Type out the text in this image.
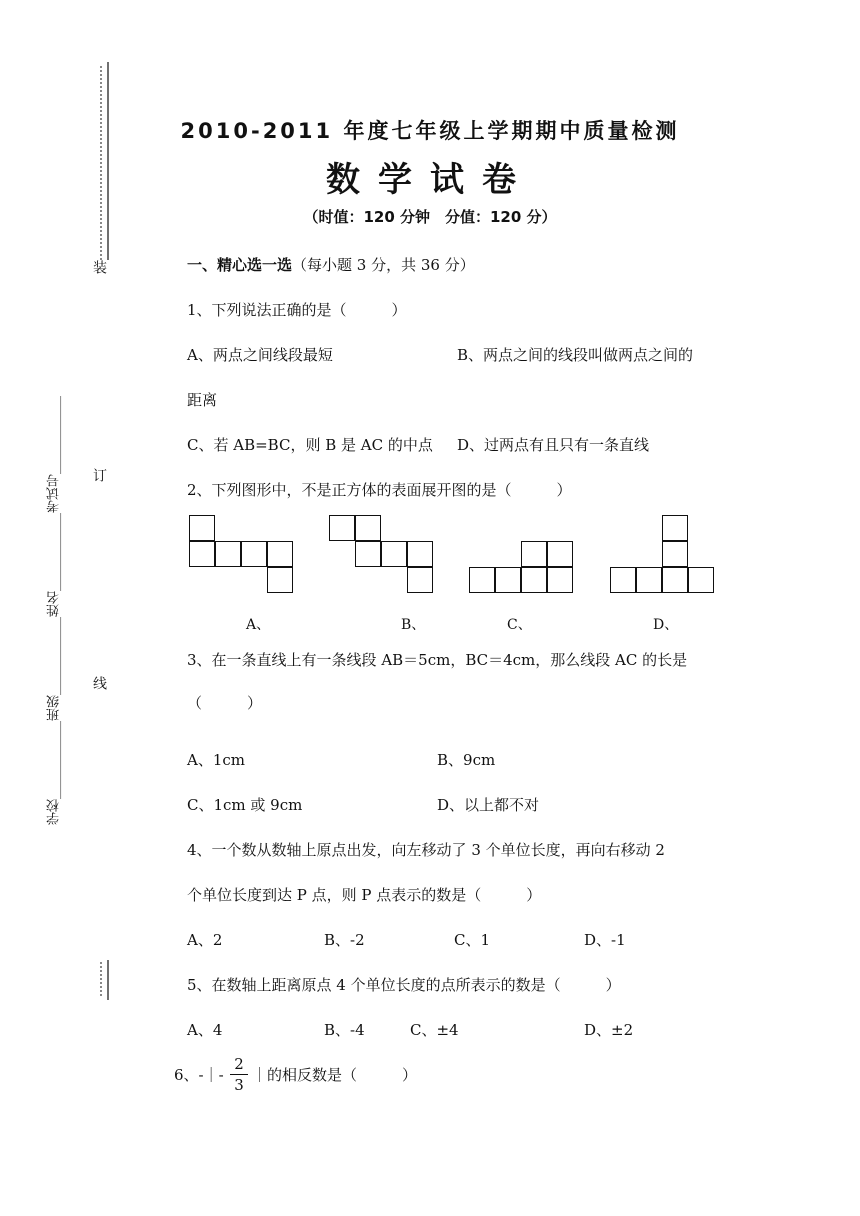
装　　　　　　　　　　　　订　　　　　　　　　　　　线
学校____________班级____________姓名____________考试号____________
2010-2011 年度七年级上学期期中质量检测
数学试卷
（时值：120 分钟　分值：120 分）
一、精心选一选（每小题 3 分，共 36 分）
1、下列说法正确的是（　　　）
A、两点之间线段最短	B、两点之间的线段叫做两点之间的
距离
C、若 AB=BC，则 B 是 AC 的中点 D、过两点有且只有一条直线
2、下列图形中，不是正方体的表面展开图的是（　　　）
A、	B、	C、	D、
3、在一条直线上有一条线段 AB＝5cm，BC＝4cm，那么线段 AC 的长是
（　　　）
A、1cm	B、9cm
C、1cm 或 9cm	D、以上都不对
4、一个数从数轴上原点出发，向左移动了 3 个单位长度，再向右移动 2
个单位长度到达 P 点，则 P 点表示的数是（　　　）
A、2	B、-2	C、1	D、-1
5、在数轴上距离原点 4 个单位长度的点所表示的数是（　　　）
A、4	B、-4	C、±4	D、±2
6、-｜-
2
3
｜的相反数是（　　　）
